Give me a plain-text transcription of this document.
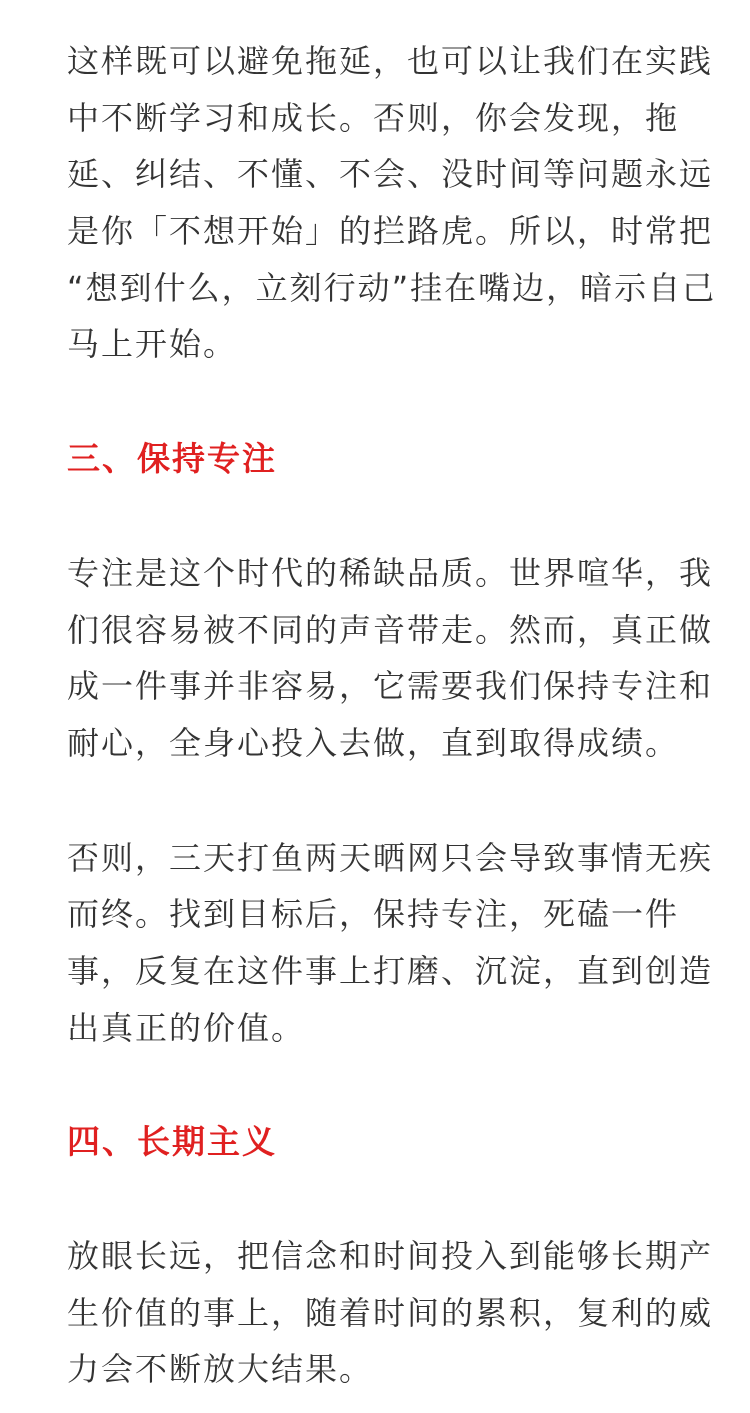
这样既可以避免拖延，也可以让我们在实践
中不断学习和成长。否则，你会发现，拖
延、纠结、不懂、不会、没时间等问题永远
是你「不想开始」的拦路虎。所以，时常把
“想到什么，立刻行动”挂在嘴边，暗示自己
马上开始。

三、保持专注

专注是这个时代的稀缺品质。世界喧华，我
们很容易被不同的声音带走。然而，真正做
成一件事并非容易，它需要我们保持专注和
耐心，全身心投入去做，直到取得成绩。

否则，三天打鱼两天晒网只会导致事情无疾
而终。找到目标后，保持专注，死磕一件
事，反复在这件事上打磨、沉淀，直到创造
出真正的价值。

四、长期主义

放眼长远，把信念和时间投入到能够长期产
生价值的事上，随着时间的累积，复利的威
力会不断放大结果。
